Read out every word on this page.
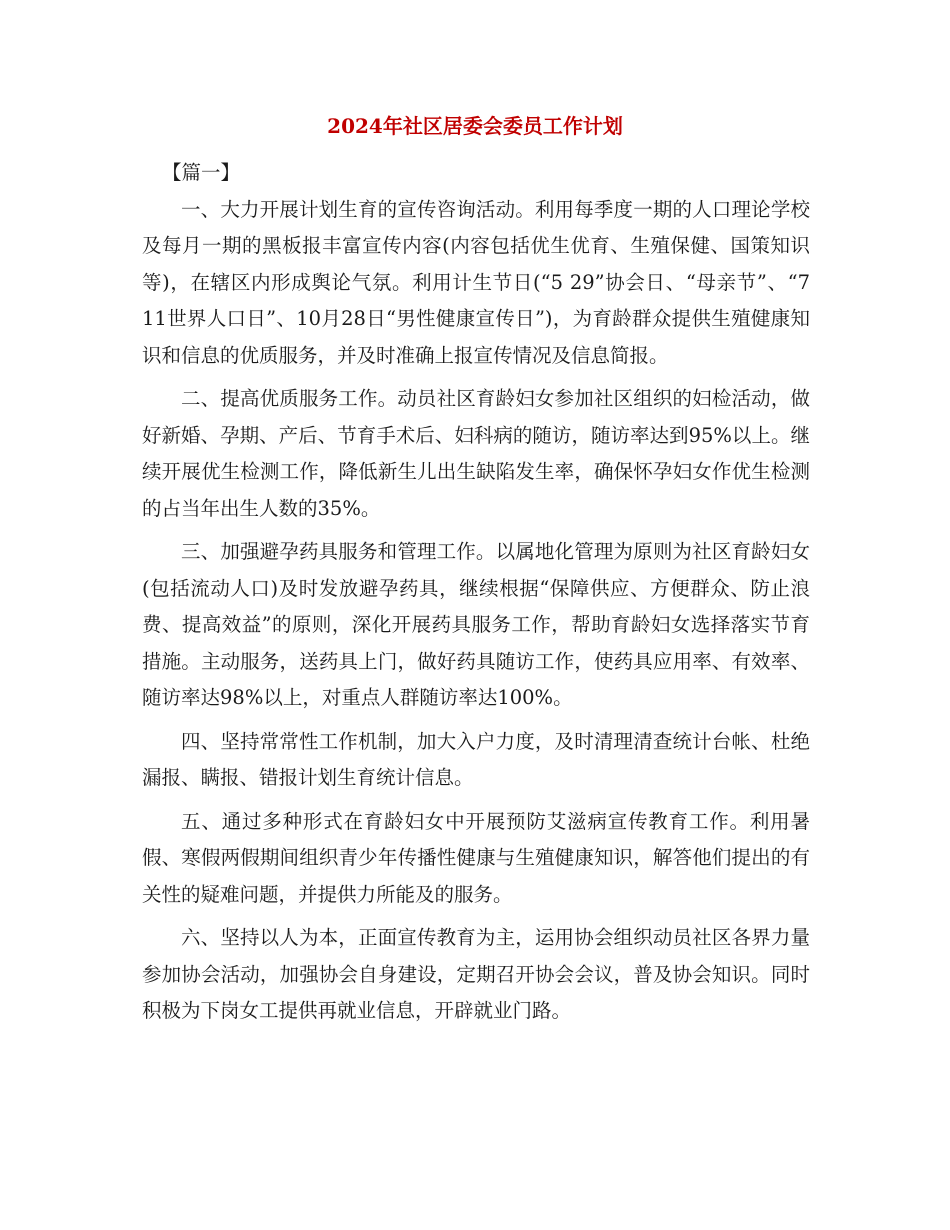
2024年社区居委会委员工作计划

【篇一】

一、大力开展计划生育的宣传咨询活动。利用每季度一期的人口理论学校及每月一期的黑板报丰富宣传内容(内容包括优生优育、生殖保健、国策知识等)，在辖区内形成舆论气氛。利用计生节日(“5 29”协会日、“母亲节”、“7 11世界人口日”、10月28日“男性健康宣传日”)，为育龄群众提供生殖健康知识和信息的优质服务，并及时准确上报宣传情况及信息简报。

二、提高优质服务工作。动员社区育龄妇女参加社区组织的妇检活动，做好新婚、孕期、产后、节育手术后、妇科病的随访，随访率达到95%以上。继续开展优生检测工作，降低新生儿出生缺陷发生率，确保怀孕妇女作优生检测的占当年出生人数的35%。

三、加强避孕药具服务和管理工作。以属地化管理为原则为社区育龄妇女(包括流动人口)及时发放避孕药具，继续根据“保障供应、方便群众、防止浪费、提高效益”的原则，深化开展药具服务工作，帮助育龄妇女选择落实节育措施。主动服务，送药具上门，做好药具随访工作，使药具应用率、有效率、随访率达98%以上，对重点人群随访率达100%。

四、坚持常常性工作机制，加大入户力度，及时清理清查统计台帐、杜绝漏报、瞒报、错报计划生育统计信息。

五、通过多种形式在育龄妇女中开展预防艾滋病宣传教育工作。利用暑假、寒假两假期间组织青少年传播性健康与生殖健康知识，解答他们提出的有关性的疑难问题，并提供力所能及的服务。

六、坚持以人为本，正面宣传教育为主，运用协会组织动员社区各界力量参加协会活动，加强协会自身建设，定期召开协会会议，普及协会知识。同时积极为下岗女工提供再就业信息，开辟就业门路。
